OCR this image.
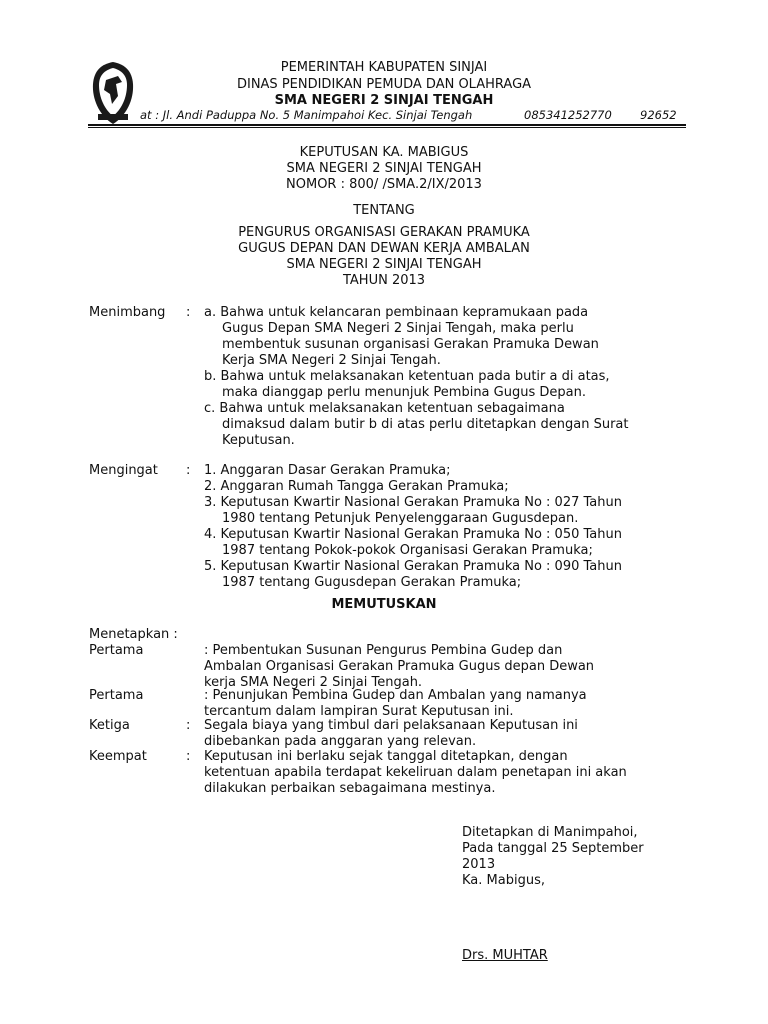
PEMERINTAH KABUPATEN SINJAI
DINAS PENDIDIKAN PEMUDA DAN OLAHRAGA
SMA NEGERI 2 SINJAI TENGAH
at : Jl. Andi Paduppa No. 5 Manimpahoi Kec. Sinjai Tengah	085341252770 92652
KEPUTUSAN KA. MABIGUS
SMA NEGERI 2 SINJAI TENGAH
NOMOR : 800/ /SMA.2/IX/2013
TENTANG
PENGURUS ORGANISASI GERAKAN PRAMUKA
GUGUS DEPAN DAN DEWAN KERJA AMBALAN
SMA NEGERI 2 SINJAI TENGAH
TAHUN 2013
Menimbang : a. Bahwa untuk kelancaran pembinaan kepramukaan pada
Gugus Depan SMA Negeri 2 Sinjai Tengah, maka perlu
membentuk susunan organisasi Gerakan Pramuka Dewan
Kerja SMA Negeri 2 Sinjai Tengah.
b. Bahwa untuk melaksanakan ketentuan pada butir a di atas,
maka dianggap perlu menunjuk Pembina Gugus Depan.
c. Bahwa untuk melaksanakan ketentuan sebagaimana
dimaksud dalam butir b di atas perlu ditetapkan dengan Surat
Keputusan.
Mengingat : 1. Anggaran Dasar Gerakan Pramuka;
2. Anggaran Rumah Tangga Gerakan Pramuka;
3. Keputusan Kwartir Nasional Gerakan Pramuka No : 027 Tahun
1980 tentang Petunjuk Penyelenggaraan Gugusdepan.
4. Keputusan Kwartir Nasional Gerakan Pramuka No : 050 Tahun
1987 tentang Pokok-pokok Organisasi Gerakan Pramuka;
5. Keputusan Kwartir Nasional Gerakan Pramuka No : 090 Tahun
1987 tentang Gugusdepan Gerakan Pramuka;
MEMUTUSKAN
Menetapkan :
Pertama	: Pembentukan Susunan Pengurus Pembina Gudep dan
Ambalan Organisasi Gerakan Pramuka Gugus depan Dewan
kerja SMA Negeri 2 Sinjai Tengah.
Pertama	: Penunjukan Pembina Gudep dan Ambalan yang namanya
tercantum dalam lampiran Surat Keputusan ini.
Ketiga	: Segala biaya yang timbul dari pelaksanaan Keputusan ini
dibebankan pada anggaran yang relevan.
Keempat	: Keputusan ini berlaku sejak tanggal ditetapkan, dengan
ketentuan apabila terdapat kekeliruan dalam penetapan ini akan
dilakukan perbaikan sebagaimana mestinya.
Ditetapkan di Manimpahoi,
Pada tanggal 25 September
2013
Ka. Mabigus,
Drs. MUHTAR
